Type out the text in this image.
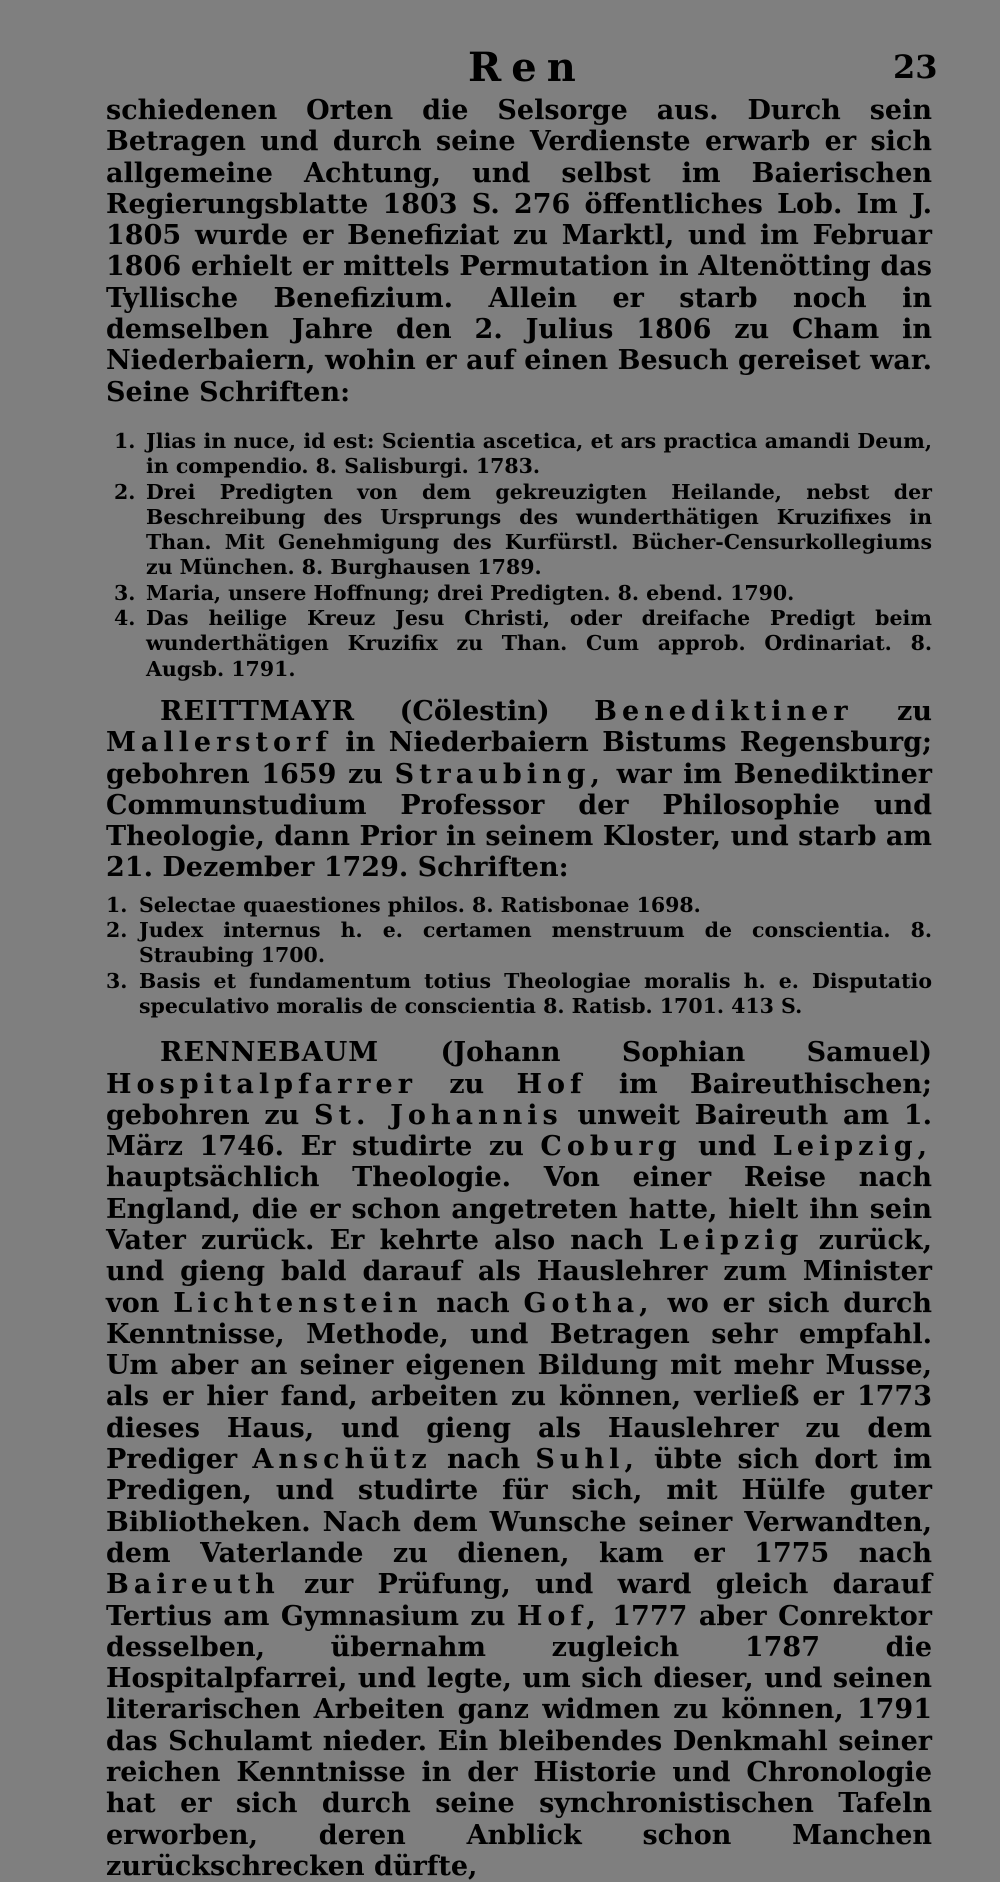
Ren	23

schiedenen Orten die Selsorge aus. Durch sein Betragen und durch seine Verdienste erwarb er sich allgemeine Achtung, und selbst im Baierischen Regierungsblatte 1803 S. 276 öffentliches Lob. Im J. 1805 wurde er Benefiziat zu Marktl, und im Februar 1806 erhielt er mittels Permutation in Altenötting das Tyllische Benefizium. Allein er starb noch in demselben Jahre den 2. Julius 1806 zu Cham in Niederbaiern, wohin er auf einen Besuch gereiset war. Seine Schriften:

1. Jlias in nuce, id est: Scientia ascetica, et ars practica amandi Deum, in compendio. 8. Salisburgi. 1783.
2. Drei Predigten von dem gekreuzigten Heilande, nebst der Beschreibung des Ursprungs des wunderthätigen Kruzifixes in Than. Mit Genehmigung des Kurfürstl. Bücher-Censurkollegiums zu München. 8. Burghausen 1789.
3. Maria, unsere Hoffnung; drei Predigten. 8. ebend. 1790.
4. Das heilige Kreuz Jesu Christi, oder dreifache Predigt beim wunderthätigen Kruzifix zu Than. Cum approb. Ordinariat. 8. Augsb. 1791.

REITTMAYR (Cölestin) Benediktiner zu Mallerstorf in Niederbaiern Bistums Regensburg; gebohren 1659 zu Straubing, war im Benediktiner Communstudium Professor der Philosophie und Theologie, dann Prior in seinem Kloster, und starb am 21. Dezember 1729. Schriften:

1. Selectae quaestiones philos. 8. Ratisbonae 1698.
2. Judex internus h. e. certamen menstruum de conscientia. 8. Straubing 1700.
3. Basis et fundamentum totius Theologiae moralis h. e. Disputatio speculativo moralis de conscientia 8. Ratisb. 1701. 413 S.

RENNEBAUM (Johann Sophian Samuel) Hospitalpfarrer zu Hof im Baireuthischen; gebohren zu St. Johannis unweit Baireuth am 1. März 1746. Er studirte zu Coburg und Leipzig, hauptsächlich Theologie. Von einer Reise nach England, die er schon angetreten hatte, hielt ihn sein Vater zurück. Er kehrte also nach Leipzig zurück, und gieng bald darauf als Hauslehrer zum Minister von Lichtenstein nach Gotha, wo er sich durch Kenntnisse, Methode, und Betragen sehr empfahl. Um aber an seiner eigenen Bildung mit mehr Musse, als er hier fand, arbeiten zu können, verließ er 1773 dieses Haus, und gieng als Hauslehrer zu dem Prediger Anschütz nach Suhl, übte sich dort im Predigen, und studirte für sich, mit Hülfe guter Bibliotheken. Nach dem Wunsche seiner Verwandten, dem Vaterlande zu dienen, kam er 1775 nach Baireuth zur Prüfung, und ward gleich darauf Tertius am Gymnasium zu Hof, 1777 aber Conrektor desselben, übernahm zugleich 1787 die Hospitalpfarrei, und legte, um sich dieser, und seinen literarischen Arbeiten ganz widmen zu können, 1791 das Schulamt nieder. Ein bleibendes Denkmahl seiner reichen Kenntnisse in der Historie und Chronologie hat er sich durch seine synchronistischen Tafeln erworben, deren Anblick schon Manchen zurückschrecken dürfte,
